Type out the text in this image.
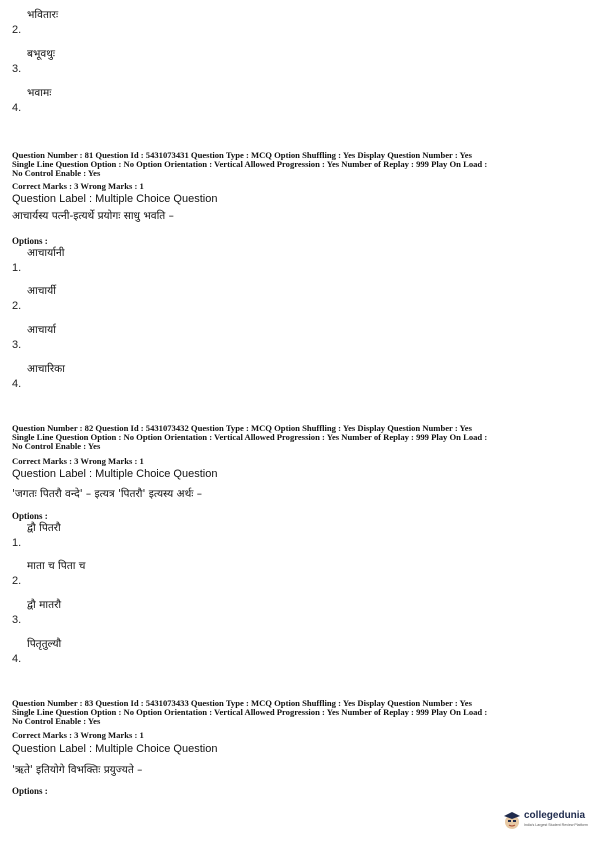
2.
भवितारः
3.
बभूवथुः
4.
भवामः
Question Number : 81 Question Id : 5431073431 Question Type : MCQ Option Shuffling : Yes Display Question Number : Yes
Single Line Question Option : No Option Orientation : Vertical Allowed Progression : Yes Number of Replay : 999 Play On Load :
No Control Enable : Yes
Correct Marks : 3 Wrong Marks : 1
Question Label : Multiple Choice Question
आचार्यस्य पत्नी-इत्यर्थे प्रयोगः साधु भवति –
Options :
1.
आचार्यानी
2.
आचार्यी
3.
आचार्या
4.
आचारिका
Question Number : 82 Question Id : 5431073432 Question Type : MCQ Option Shuffling : Yes Display Question Number : Yes
Single Line Question Option : No Option Orientation : Vertical Allowed Progression : Yes Number of Replay : 999 Play On Load :
No Control Enable : Yes
Correct Marks : 3 Wrong Marks : 1
Question Label : Multiple Choice Question
'जगतः पितरौ वन्दे' – इत्यत्र 'पितरौ' इत्यस्य अर्थः –
Options :
1.
द्वौ पितरौ
2.
माता च पिता च
3.
द्वौ मातरौ
4.
पितृतुल्यौ
Question Number : 83 Question Id : 5431073433 Question Type : MCQ Option Shuffling : Yes Display Question Number : Yes
Single Line Question Option : No Option Orientation : Vertical Allowed Progression : Yes Number of Replay : 999 Play On Load :
No Control Enable : Yes
Correct Marks : 3 Wrong Marks : 1
Question Label : Multiple Choice Question
'ऋते' इतियोगे विभक्तिः प्रयुज्यते –
Options :
collegedunia
India's Largest Student Review Platform
